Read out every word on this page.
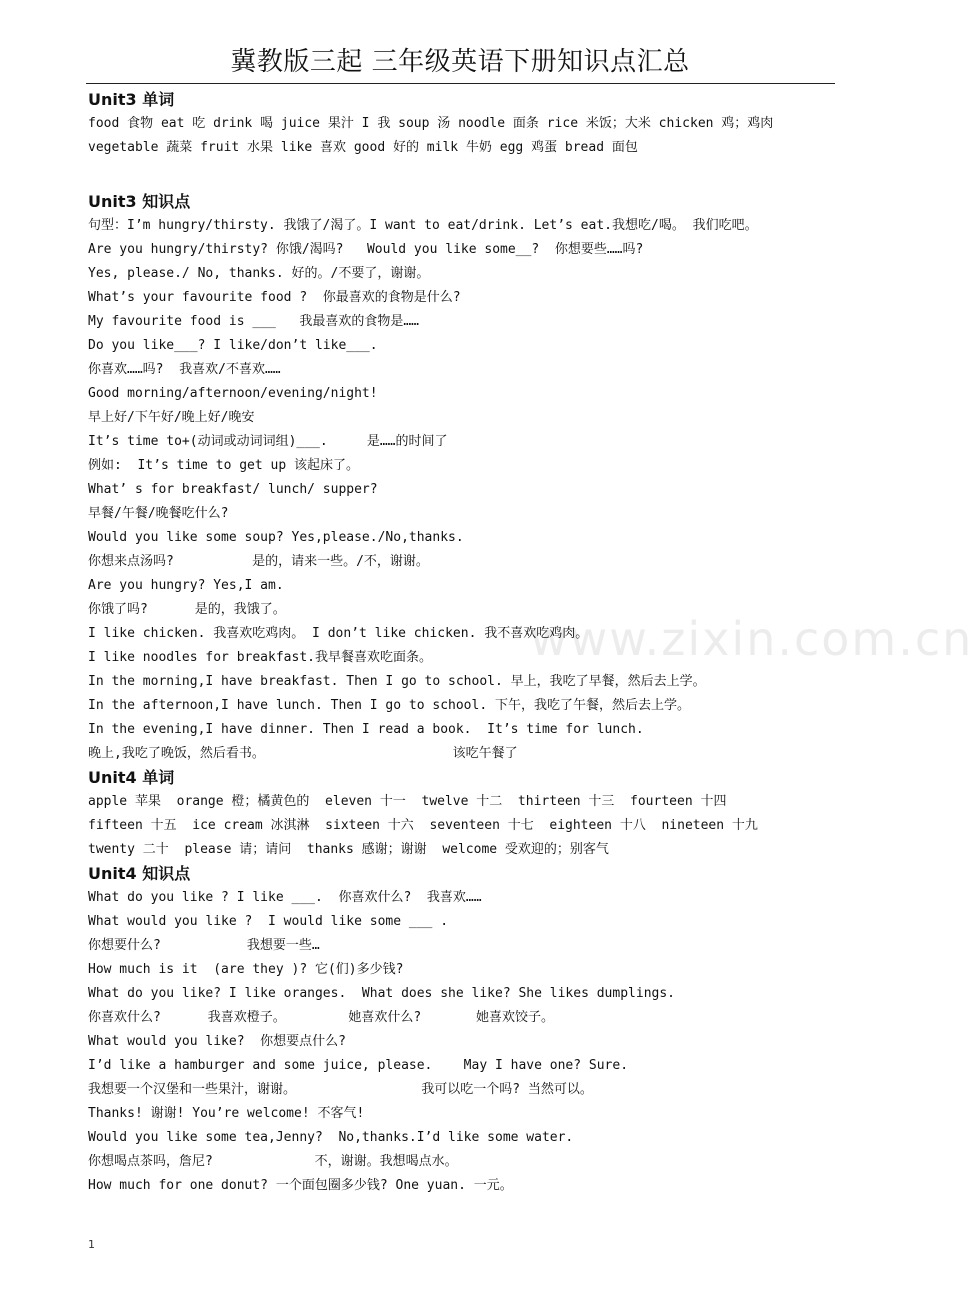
冀教版三起 三年级英语下册知识点汇总
www.zixin.com.cn
Unit3 单词
food 食物 eat 吃 drink 喝 juice 果汁 I 我 soup 汤 noodle 面条 rice 米饭；大米 chicken 鸡；鸡肉
vegetable 蔬菜 fruit 水果 like 喜欢 good 好的 milk 牛奶 egg 鸡蛋 bread 面包
Unit3 知识点
句型：I’m hungry/thirsty. 我饿了/渴了。I want to eat/drink. Let’s eat.我想吃/喝。 我们吃吧。
Are you hungry/thirsty? 你饿/渴吗?   Would you like some__?  你想要些……吗?
Yes, please./ No, thanks. 好的。/不要了，谢谢。
What’s your favourite food ?  你最喜欢的食物是什么?
My favourite food is ___   我最喜欢的食物是……
Do you like___? I like/don’t like___.
你喜欢……吗?  我喜欢/不喜欢……
Good morning/afternoon/evening/night!
早上好/下午好/晚上好/晚安
It’s time to+(动词或动词词组)___.     是……的时间了
例如:  It’s time to get up 该起床了。
What’ s for breakfast/ lunch/ supper?
早餐/午餐/晚餐吃什么?
Would you like some soup? Yes,please./No,thanks.
你想来点汤吗?          是的，请来一些。/不，谢谢。
Are you hungry? Yes,I am.
你饿了吗?      是的，我饿了。
I like chicken. 我喜欢吃鸡肉。 I don’t like chicken. 我不喜欢吃鸡肉。
I like noodles for breakfast.我早餐喜欢吃面条。
In the morning,I have breakfast. Then I go to school. 早上，我吃了早餐，然后去上学。
In the afternoon,I have lunch. Then I go to school. 下午，我吃了午餐，然后去上学。
In the evening,I have dinner. Then I read a book.  It’s time for lunch.
晚上,我吃了晚饭，然后看书。                        该吃午餐了
Unit4 单词
apple 苹果  orange 橙；橘黄色的  eleven 十一  twelve 十二  thirteen 十三  fourteen 十四
fifteen 十五  ice cream 冰淇淋  sixteen 十六  seventeen 十七  eighteen 十八  nineteen 十九
twenty 二十  please 请；请问  thanks 感谢；谢谢  welcome 受欢迎的；别客气
Unit4 知识点
What do you like ? I like ___.  你喜欢什么?  我喜欢……
What would you like ?  I would like some ___ .
你想要什么?           我想要一些…
How much is it  (are they )? 它(们)多少钱?
What do you like? I like oranges.  What does she like? She likes dumplings.
你喜欢什么?      我喜欢橙子。        她喜欢什么?       她喜欢饺子。
What would you like?  你想要点什么?
I’d like a hamburger and some juice, please.    May I have one? Sure.
我想要一个汉堡和一些果汁，谢谢。                我可以吃一个吗? 当然可以。
Thanks! 谢谢! You’re welcome! 不客气!
Would you like some tea,Jenny?  No,thanks.I’d like some water.
你想喝点茶吗，詹尼?             不，谢谢。我想喝点水。
How much for one donut? 一个面包圈多少钱? One yuan. 一元。
1
